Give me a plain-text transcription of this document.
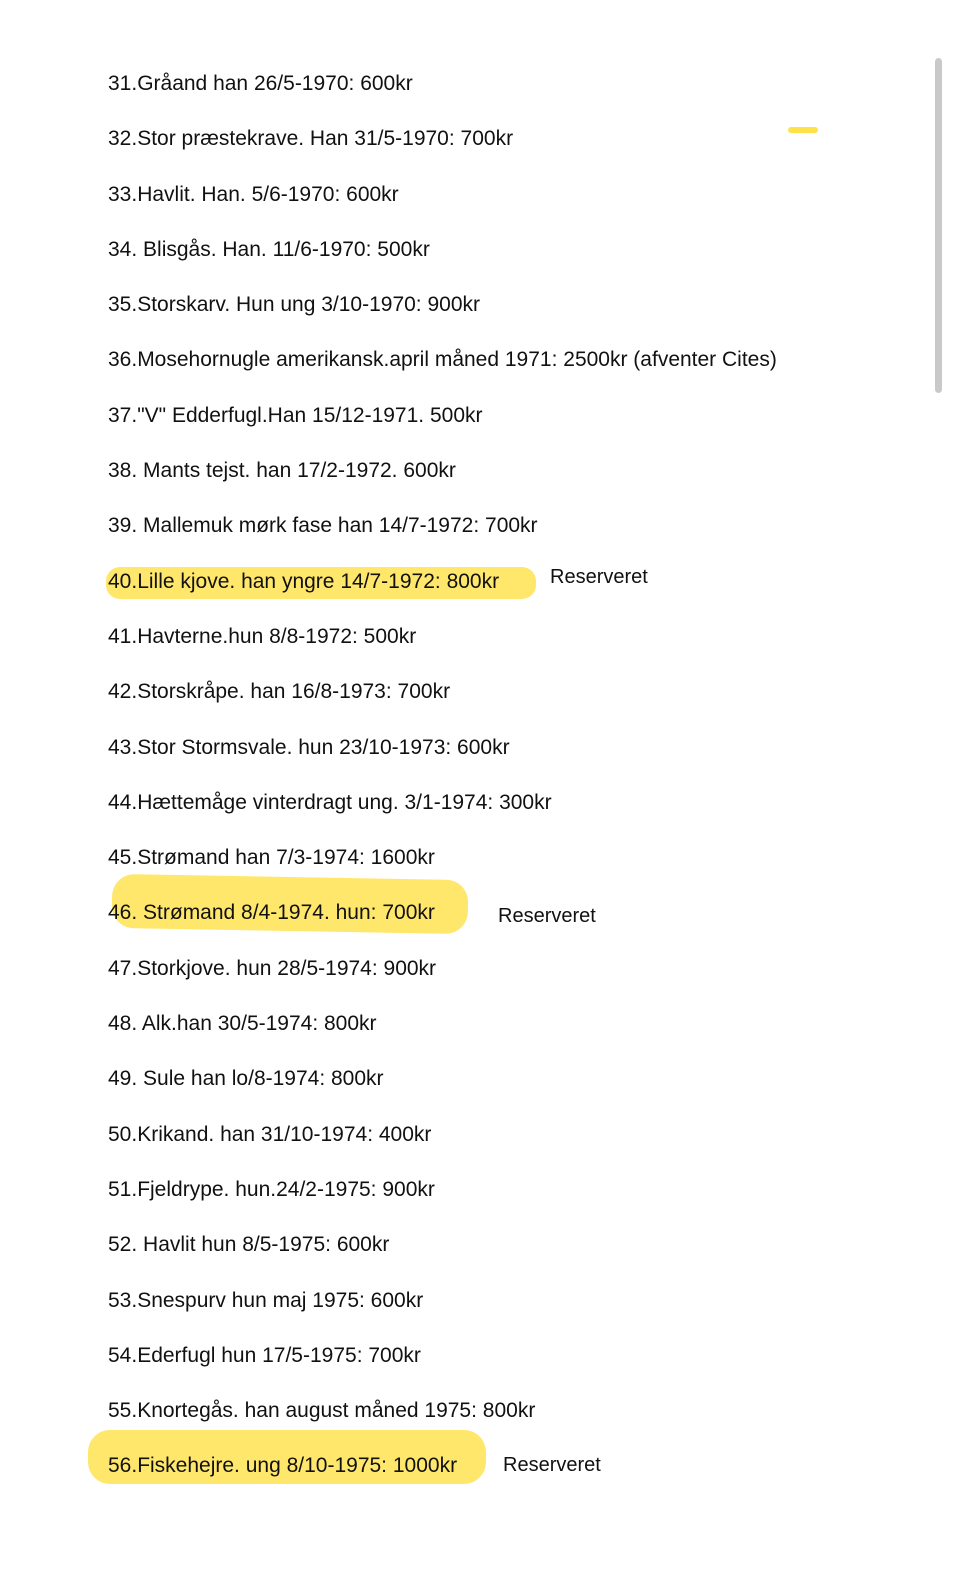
31.Gråand han 26/5-1970: 600kr
32.Stor præstekrave. Han 31/5-1970: 700kr
33.Havlit. Han. 5/6-1970: 600kr
34. Blisgås. Han. 11/6-1970: 500kr
35.Storskarv. Hun ung 3/10-1970: 900kr
36.Mosehornugle amerikansk.april måned 1971: 2500kr (afventer Cites)
37."V" Edderfugl.Han 15/12-1971. 500kr
38. Mants tejst. han 17/2-1972. 600kr
39. Mallemuk mørk fase han 14/7-1972: 700kr
40.Lille kjove. han yngre 14/7-1972: 800kr	Reserveret
41.Havterne.hun 8/8-1972: 500kr
42.Storskråpe. han 16/8-1973: 700kr
43.Stor Stormsvale. hun 23/10-1973: 600kr
44.Hættemåge vinterdragt ung. 3/1-1974: 300kr
45.Strømand han 7/3-1974: 1600kr
46. Strømand 8/4-1974. hun: 700kr	Reserveret
47.Storkjove. hun 28/5-1974: 900kr
48. Alk.han 30/5-1974: 800kr
49. Sule han lo/8-1974: 800kr
50.Krikand. han 31/10-1974: 400kr
51.Fjeldrype. hun.24/2-1975: 900kr
52. Havlit hun 8/5-1975: 600kr
53.Snespurv hun maj 1975: 600kr
54.Ederfugl hun 17/5-1975: 700kr
55.Knortegås. han august måned 1975: 800kr
56.Fiskehejre. ung 8/10-1975: 1000kr Reserveret
